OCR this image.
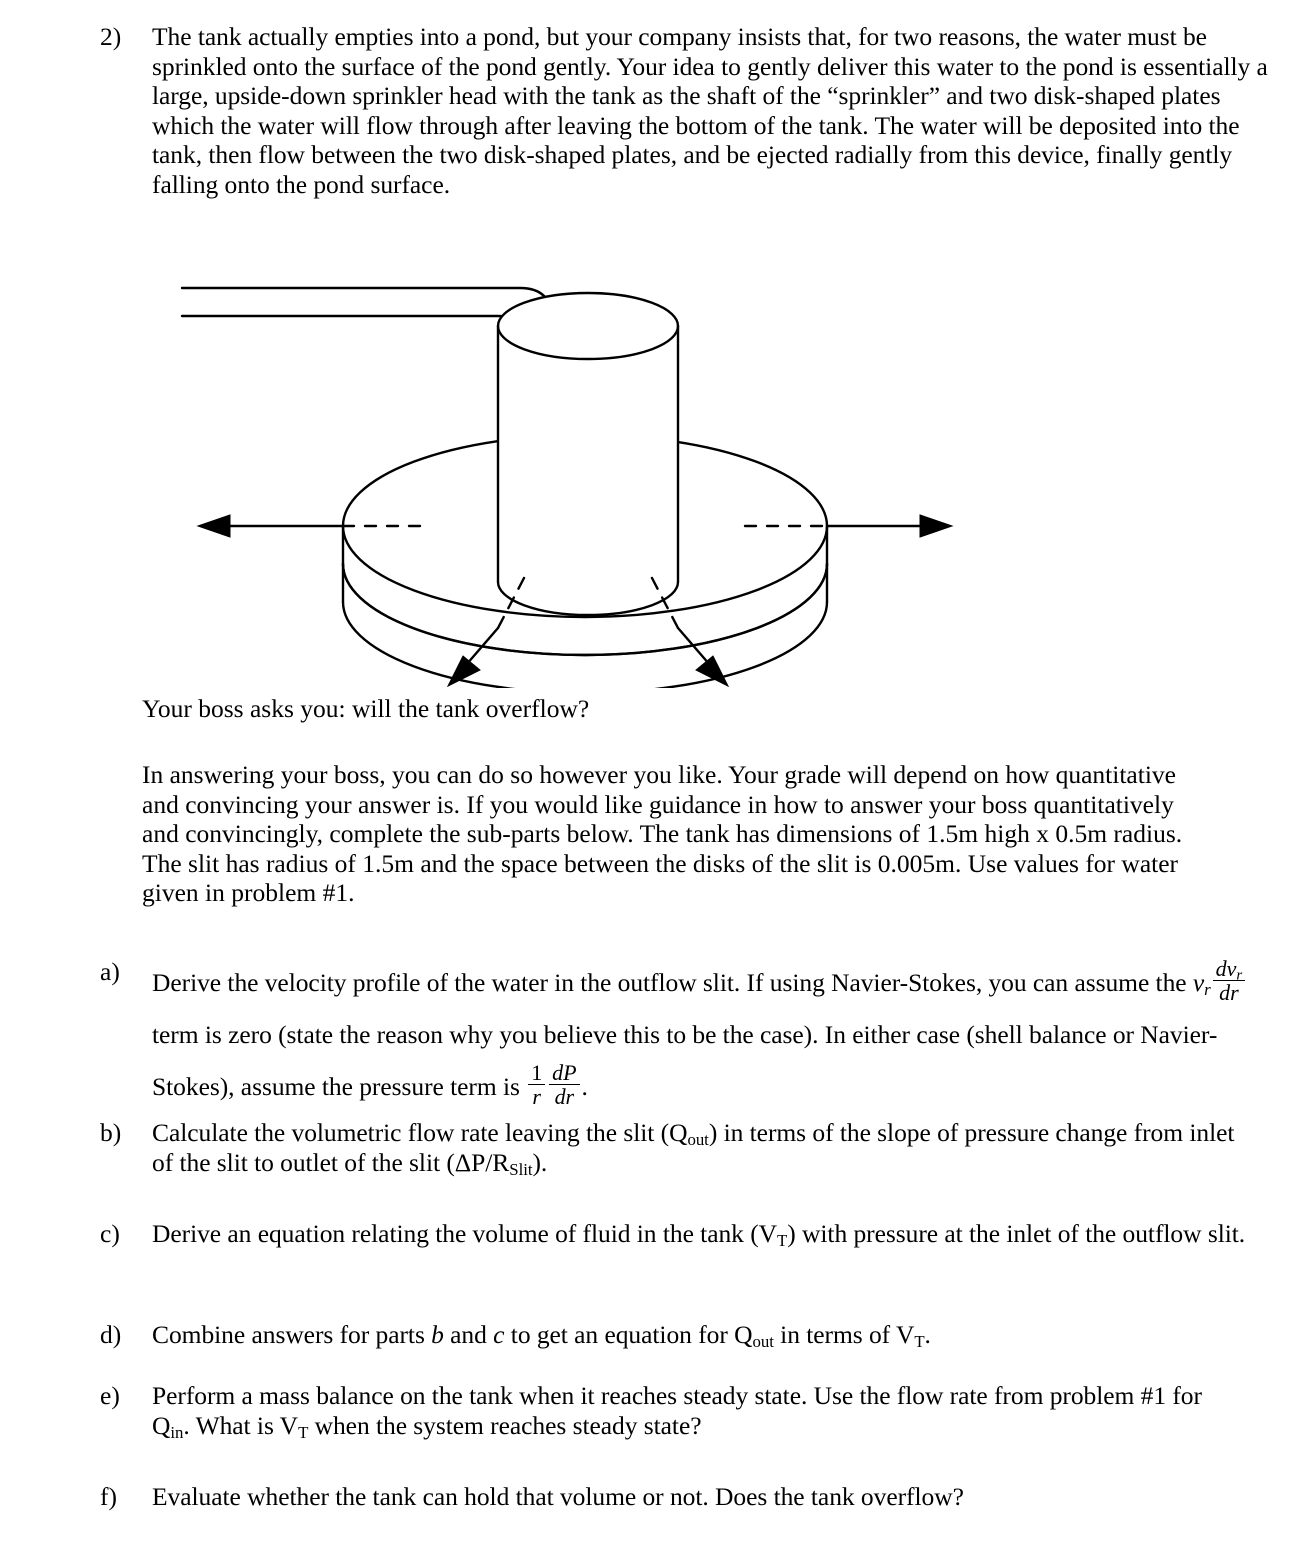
2)	The tank actually empties into a pond, but your company insists that, for two reasons, the water must be sprinkled onto the surface of the pond gently. Your idea to gently deliver this water to the pond is essentially a large, upside-down sprinkler head with the tank as the shaft of the “sprinkler” and two disk-shaped plates which the water will flow through after leaving the bottom of the tank. The water will be deposited into the tank, then flow between the two disk-shaped plates, and be ejected radially from this device, finally gently falling onto the pond surface.
Your boss asks you: will the tank overflow?
In answering your boss, you can do so however you like. Your grade will depend on how quantitative and convincing your answer is. If you would like guidance in how to answer your boss quantitatively and convincingly, complete the sub-parts below. The tank has dimensions of 1.5m high x 0.5m radius. The slit has radius of 1.5m and the space between the disks of the slit is 0.005m. Use values for water given in problem #1.
a)	Derive the velocity profile of the water in the outflow slit. If using Navier-Stokes, you can assume the $v_r \frac{dv_r}{dr}$
term is zero (state the reason why you believe this to be the case). In either case (shell balance or Navier-Stokes), assume the pressure term is $\frac{1}{r} \frac{dP}{dr}$ .
b)	Calculate the volumetric flow rate leaving the slit $(Q_{out})$ in terms of the slope of pressure change from inlet of the slit to outlet of the slit $(\Delta P/R_{Slit})$.
c)	Derive an equation relating the volume of fluid in the tank $(V_T)$ with pressure at the inlet of the outflow slit.
d)	Combine answers for parts b and c to get an equation for $Q_{out}$ in terms of $V_T$.
e)	Perform a mass balance on the tank when it reaches steady state. Use the flow rate from problem #1 for $Q_{in}$. What is $V_T$ when the system reaches steady state?
f)	Evaluate whether the tank can hold that volume or not. Does the tank overflow?
